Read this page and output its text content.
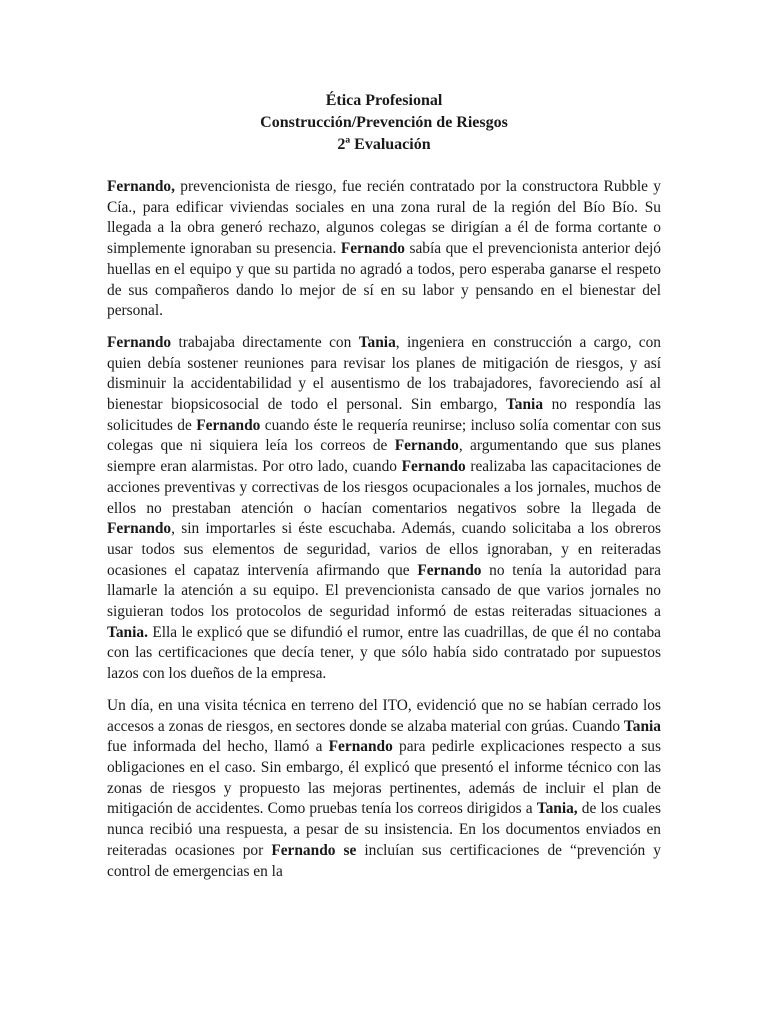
Ética Profesional
Construcción/Prevención de Riesgos
2ª Evaluación

Fernando, prevencionista de riesgo, fue recién contratado por la constructora Rubble y Cía., para edificar viviendas sociales en una zona rural de la región del Bío Bío. Su llegada a la obra generó rechazo, algunos colegas se dirigían a él de forma cortante o simplemente ignoraban su presencia. Fernando sabía que el prevencionista anterior dejó huellas en el equipo y que su partida no agradó a todos, pero esperaba ganarse el respeto de sus compañeros dando lo mejor de sí en su labor y pensando en el bienestar del personal.

Fernando trabajaba directamente con Tania, ingeniera en construcción a cargo, con quien debía sostener reuniones para revisar los planes de mitigación de riesgos, y así disminuir la accidentabilidad y el ausentismo de los trabajadores, favoreciendo así al bienestar biopsicosocial de todo el personal. Sin embargo, Tania no respondía las solicitudes de Fernando cuando éste le requería reunirse; incluso solía comentar con sus colegas que ni siquiera leía los correos de Fernando, argumentando que sus planes siempre eran alarmistas. Por otro lado, cuando Fernando realizaba las capacitaciones de acciones preventivas y correctivas de los riesgos ocupacionales a los jornales, muchos de ellos no prestaban atención o hacían comentarios negativos sobre la llegada de Fernando, sin importarles si éste escuchaba. Además, cuando solicitaba a los obreros usar todos sus elementos de seguridad, varios de ellos ignoraban, y en reiteradas ocasiones el capataz intervenía afirmando que Fernando no tenía la autoridad para llamarle la atención a su equipo. El prevencionista cansado de que varios jornales no siguieran todos los protocolos de seguridad informó de estas reiteradas situaciones a Tania. Ella le explicó que se difundió el rumor, entre las cuadrillas, de que él no contaba con las certificaciones que decía tener, y que sólo había sido contratado por supuestos lazos con los dueños de la empresa.

Un día, en una visita técnica en terreno del ITO, evidenció que no se habían cerrado los accesos a zonas de riesgos, en sectores donde se alzaba material con grúas. Cuando Tania fue informada del hecho, llamó a Fernando para pedirle explicaciones respecto a sus obligaciones en el caso. Sin embargo, él explicó que presentó el informe técnico con las zonas de riesgos y propuesto las mejoras pertinentes, además de incluir el plan de mitigación de accidentes. Como pruebas tenía los correos dirigidos a Tania, de los cuales nunca recibió una respuesta, a pesar de su insistencia. En los documentos enviados en reiteradas ocasiones por Fernando se incluían sus certificaciones de “prevención y control de emergencias en la
